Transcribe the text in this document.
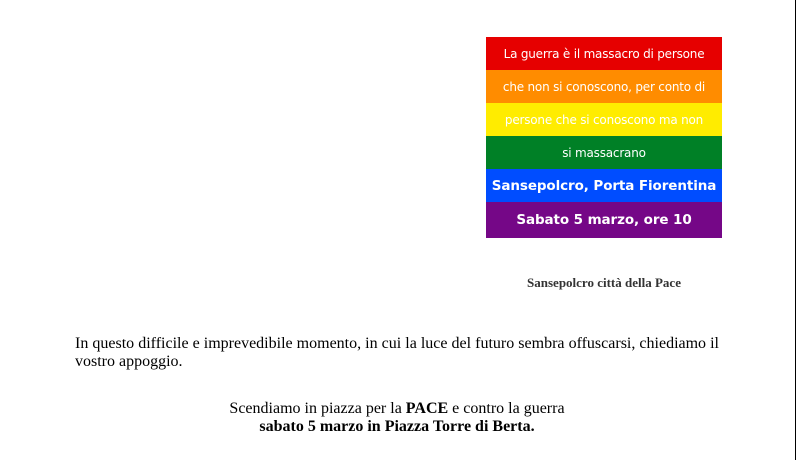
La guerra è il massacro di persone
che non si conoscono, per conto di
persone che si conoscono ma non
si massacrano
Sansepolcro, Porta Fiorentina
Sabato 5 marzo, ore 10
Sansepolcro città della Pace
In questo difficile e imprevedibile momento, in cui la luce del futuro sembra offuscarsi, chiediamo il vostro appoggio.
Scendiamo in piazza per la PACE e contro la guerra
sabato 5 marzo in Piazza Torre di Berta.
